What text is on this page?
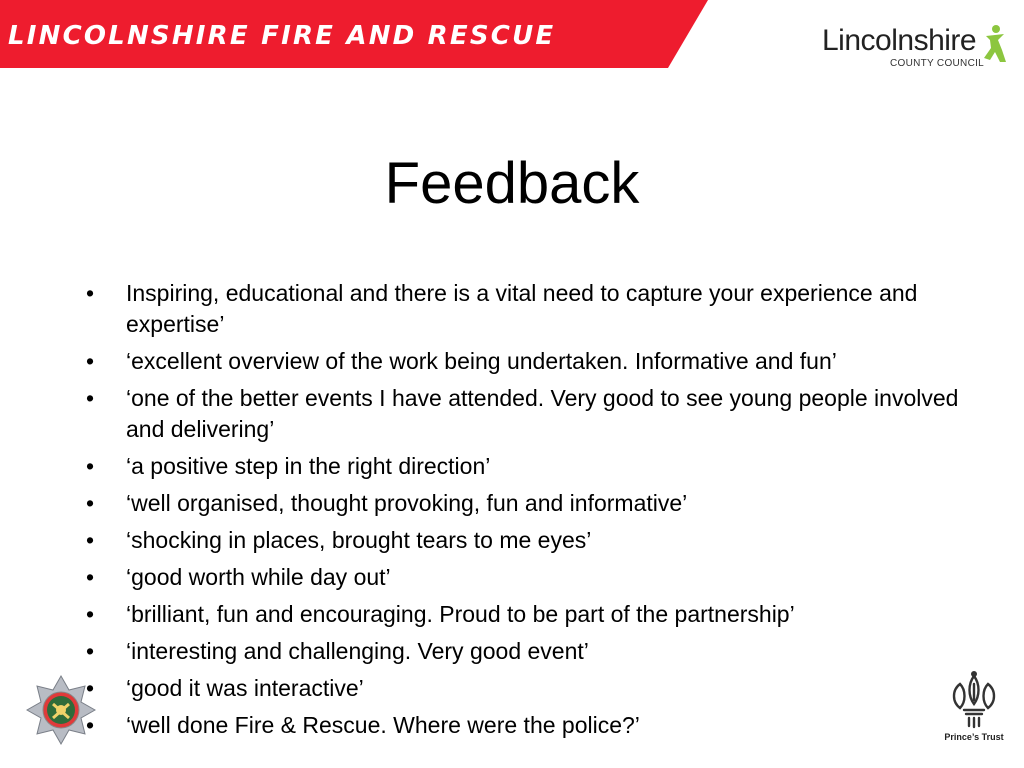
LINCOLNSHIRE FIRE AND RESCUE	Lincolnshire
COUNTY COUNCIL
Feedback
• Inspiring, educational and there is a vital need to capture your experience and expertise’
• ‘excellent overview of the work being undertaken. Informative and fun’
• ‘one of the better events I have attended. Very good to see young people involved and delivering’
• ‘a positive step in the right direction’
• ‘well organised, thought provoking, fun and informative’
• ‘shocking in places, brought tears to me eyes’
• ‘good worth while day out’
• ‘brilliant, fun and encouraging. Proud to be part of the partnership’
• ‘interesting and challenging. Very good event’
• ‘good it was interactive’
• ‘well done Fire & Rescue. Where were the police?’	Prince’s Trust
